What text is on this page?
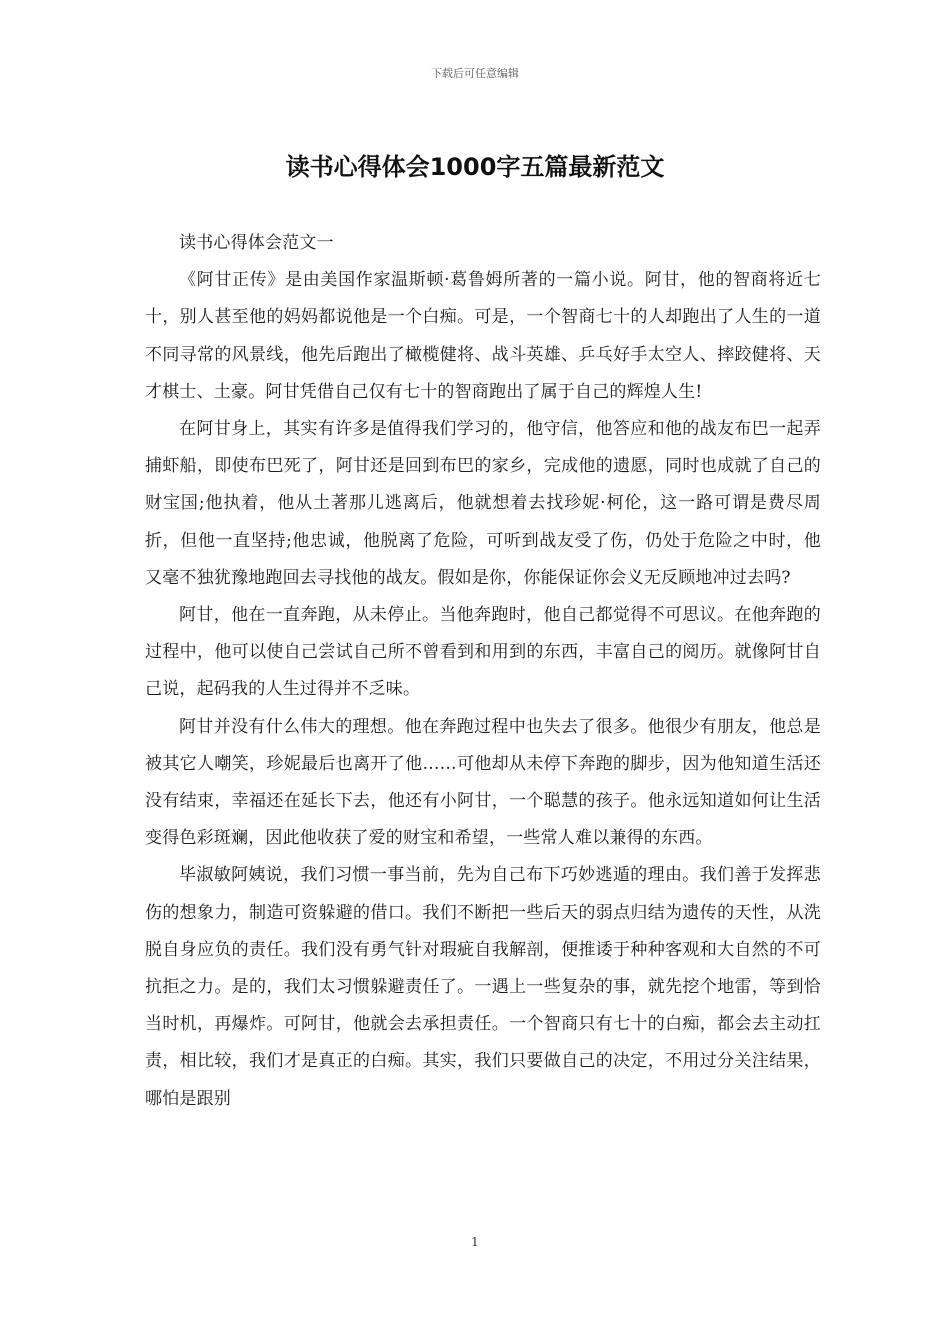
下载后可任意编辑
读书心得体会1000字五篇最新范文

读书心得体会范文一

《阿甘正传》是由美国作家温斯顿·葛鲁姆所著的一篇小说。阿甘，他的智商将近七十，别人甚至他的妈妈都说他是一个白痴。可是，一个智商七十的人却跑出了人生的一道不同寻常的风景线，他先后跑出了橄榄健将、战斗英雄、乒乓好手太空人、摔跤健将、天才棋士、土豪。阿甘凭借自己仅有七十的智商跑出了属于自己的辉煌人生!

在阿甘身上，其实有许多是值得我们学习的，他守信，他答应和他的战友布巴一起弄捕虾船，即使布巴死了，阿甘还是回到布巴的家乡，完成他的遗愿，同时也成就了自己的财宝国;他执着，他从土著那儿逃离后，他就想着去找珍妮·柯伦，这一路可谓是费尽周折，但他一直坚持;他忠诚，他脱离了危险，可听到战友受了伤，仍处于危险之中时，他又毫不独犹豫地跑回去寻找他的战友。假如是你，你能保证你会义无反顾地冲过去吗?

阿甘，他在一直奔跑，从未停止。当他奔跑时，他自己都觉得不可思议。在他奔跑的过程中，他可以使自己尝试自己所不曾看到和用到的东西，丰富自己的阅历。就像阿甘自己说，起码我的人生过得并不乏味。

阿甘并没有什么伟大的理想。他在奔跑过程中也失去了很多。他很少有朋友，他总是被其它人嘲笑，珍妮最后也离开了他……可他却从未停下奔跑的脚步，因为他知道生活还没有结束，幸福还在延长下去，他还有小阿甘，一个聪慧的孩子。他永远知道如何让生活变得色彩斑斓，因此他收获了爱的财宝和希望，一些常人难以兼得的东西。

毕淑敏阿姨说，我们习惯一事当前，先为自己布下巧妙逃遁的理由。我们善于发挥悲伤的想象力，制造可资躲避的借口。我们不断把一些后天的弱点归结为遗传的天性，从洗脱自身应负的责任。我们没有勇气针对瑕疵自我解剖，便推诿于种种客观和大自然的不可抗拒之力。是的，我们太习惯躲避责任了。一遇上一些复杂的事，就先挖个地雷，等到恰当时机，再爆炸。可阿甘，他就会去承担责任。一个智商只有七十的白痴，都会去主动扛责，相比较，我们才是真正的白痴。其实，我们只要做自己的决定，不用过分关注结果，哪怕是跟别

1
